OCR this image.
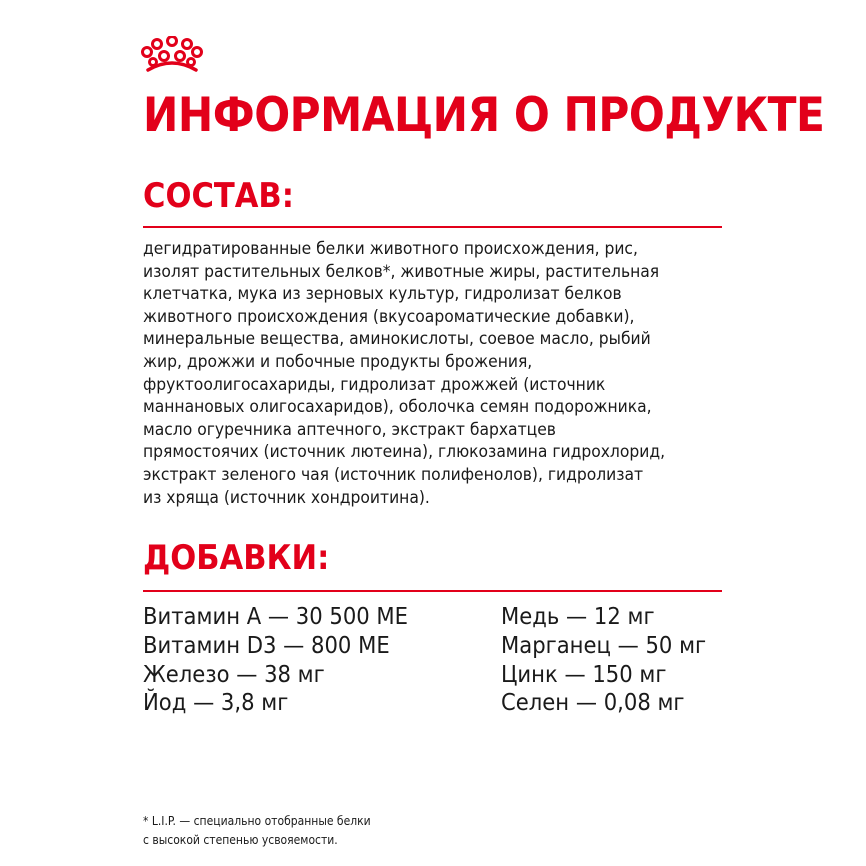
ИНФОРМАЦИЯ О ПРОДУКТЕ
СОСТАВ:

дегидратированные белки животного происхождения, рис,
изолят растительных белков*, животные жиры, растительная
клетчатка, мука из зерновых культур, гидролизат белков
животного происхождения (вкусоароматические добавки),
минеральные вещества, аминокислоты, соевое масло, рыбий
жир, дрожжи и побочные продукты брожения,
фруктоолигосахариды, гидролизат дрожжей (источник
маннановых олигосахаридов), оболочка семян подорожника,
масло огуречника аптечного, экстракт бархатцев
прямостоячих (источник лютеина), глюкозамина гидрохлорид,
экстракт зеленого чая (источник полифенолов), гидролизат
из хряща (источник хондроитина).

ДОБАВКИ:
Витамин А — 30 500 МЕ
Витамин D3 — 800 МЕ
Железо — 38 мг
Йод — 3,8 мг
Медь — 12 мг
Марганец — 50 мг
Цинк — 150 мг
Селен — 0,08 мг

* L.I.P. — специально отобранные белки
с высокой степенью усвояемости.
